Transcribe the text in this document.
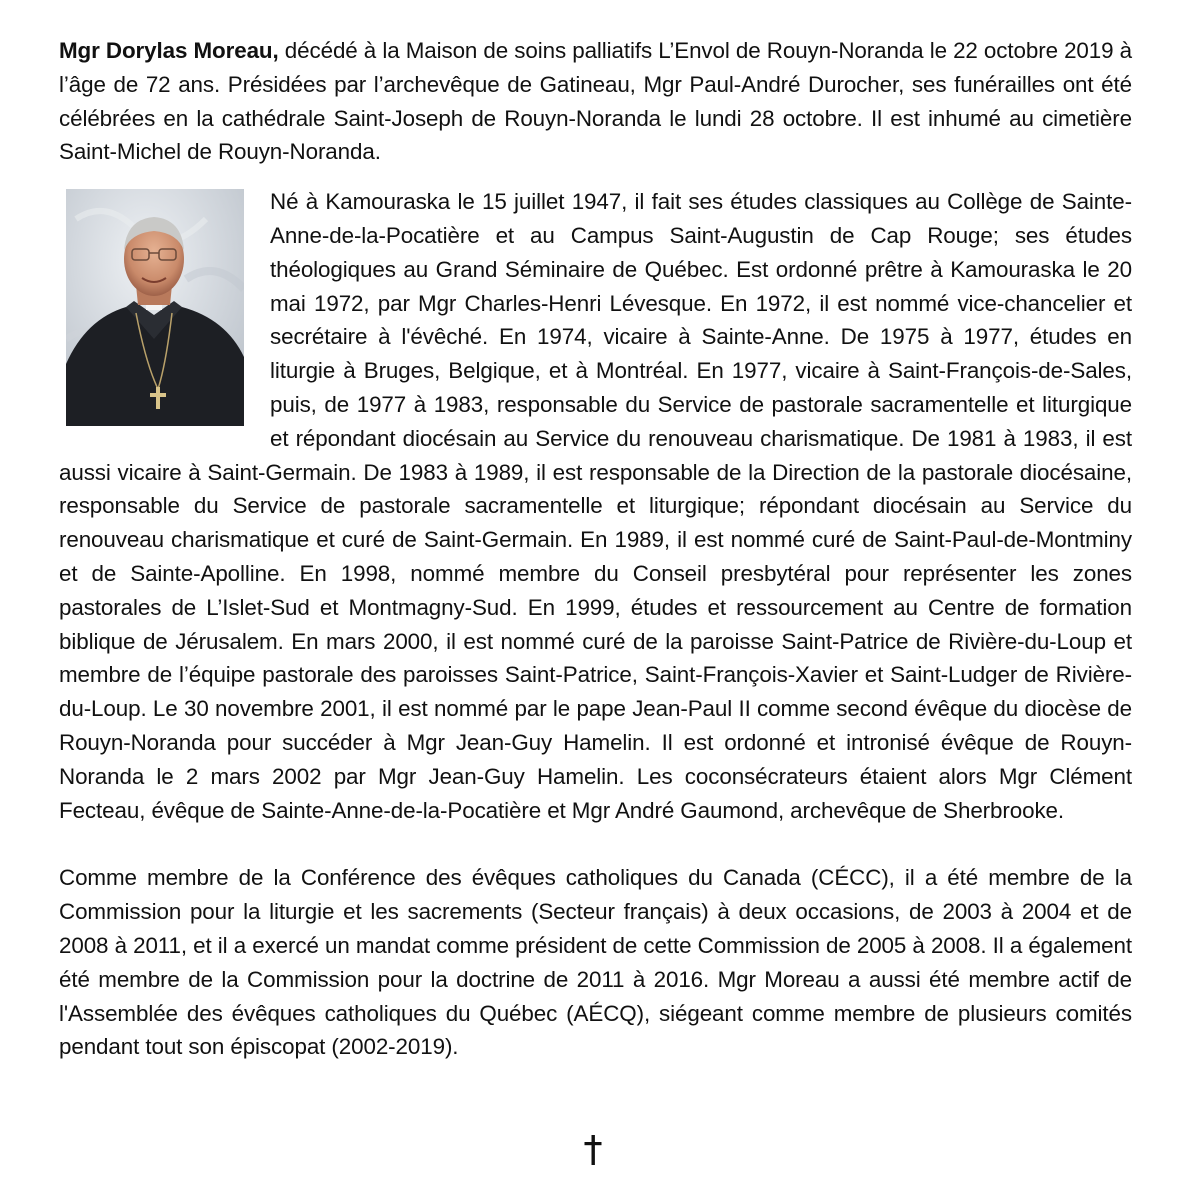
Mgr Dorylas Moreau, décédé à la Maison de soins palliatifs L’Envol de Rouyn-Noranda le 22 octobre 2019 à l’âge de 72 ans. Présidées par l’archevêque de Gatineau, Mgr Paul-André Durocher, ses funérailles ont été célébrées en la cathédrale Saint-Joseph de Rouyn-Noranda le lundi 28 octobre. Il est inhumé au cimetière Saint-Michel de Rouyn-Noranda.

Né à Kamouraska le 15 juillet 1947, il fait ses études classiques au Collège de Sainte-Anne-de-la-Pocatière et au Campus Saint-Augustin de Cap Rouge; ses études théologiques au Grand Séminaire de Québec. Est ordonné prêtre à Kamouraska le 20 mai 1972, par Mgr Charles-Henri Lévesque. En 1972, il est nommé vice-chancelier et secrétaire à l'évêché. En 1974, vicaire à Sainte-Anne. De 1975 à 1977, études en liturgie à Bruges, Belgique, et à Montréal. En 1977, vicaire à Saint-François-de-Sales, puis, de 1977 à 1983, responsable du Service de pastorale sacramentelle et liturgique et répondant diocésain au Service du renouveau charismatique. De 1981 à 1983, il est aussi vicaire à Saint-Germain. De 1983 à 1989, il est responsable de la Direction de la pastorale diocésaine, responsable du Service de pastorale sacramentelle et liturgique; répondant diocésain au Service du renouveau charismatique et curé de Saint-Germain. En 1989, il est nommé curé de Saint-Paul-de-Montminy et de Sainte-Apolline. En 1998, nommé membre du Conseil presbytéral pour représenter les zones pastorales de L’Islet-Sud et Montmagny-Sud. En 1999, études et ressourcement au Centre de formation biblique de Jérusalem. En mars 2000, il est nommé curé de la paroisse Saint-Patrice de Rivière-du-Loup et membre de l’équipe pastorale des paroisses Saint-Patrice, Saint-François-Xavier et Saint-Ludger de Rivière-du-Loup. Le 30 novembre 2001, il est nommé par le pape Jean-Paul II comme second évêque du diocèse de Rouyn-Noranda pour succéder à Mgr Jean-Guy Hamelin. Il est ordonné et intronisé évêque de Rouyn-Noranda le 2 mars 2002 par Mgr Jean-Guy Hamelin. Les coconsécrateurs étaient alors Mgr Clément Fecteau, évêque de Sainte-Anne-de-la-Pocatière et Mgr André Gaumond, archevêque de Sherbrooke.

Comme membre de la Conférence des évêques catholiques du Canada (CÉCC), il a été membre de la Commission pour la liturgie et les sacrements (Secteur français) à deux occasions, de 2003 à 2004 et de 2008 à 2011, et il a exercé un mandat comme président de cette Commission de 2005 à 2008. Il a également été membre de la Commission pour la doctrine de 2011 à 2016. Mgr Moreau a aussi été membre actif de l'Assemblée des évêques catholiques du Québec (AÉCQ), siégeant comme membre de plusieurs comités pendant tout son épiscopat (2002-2019).
